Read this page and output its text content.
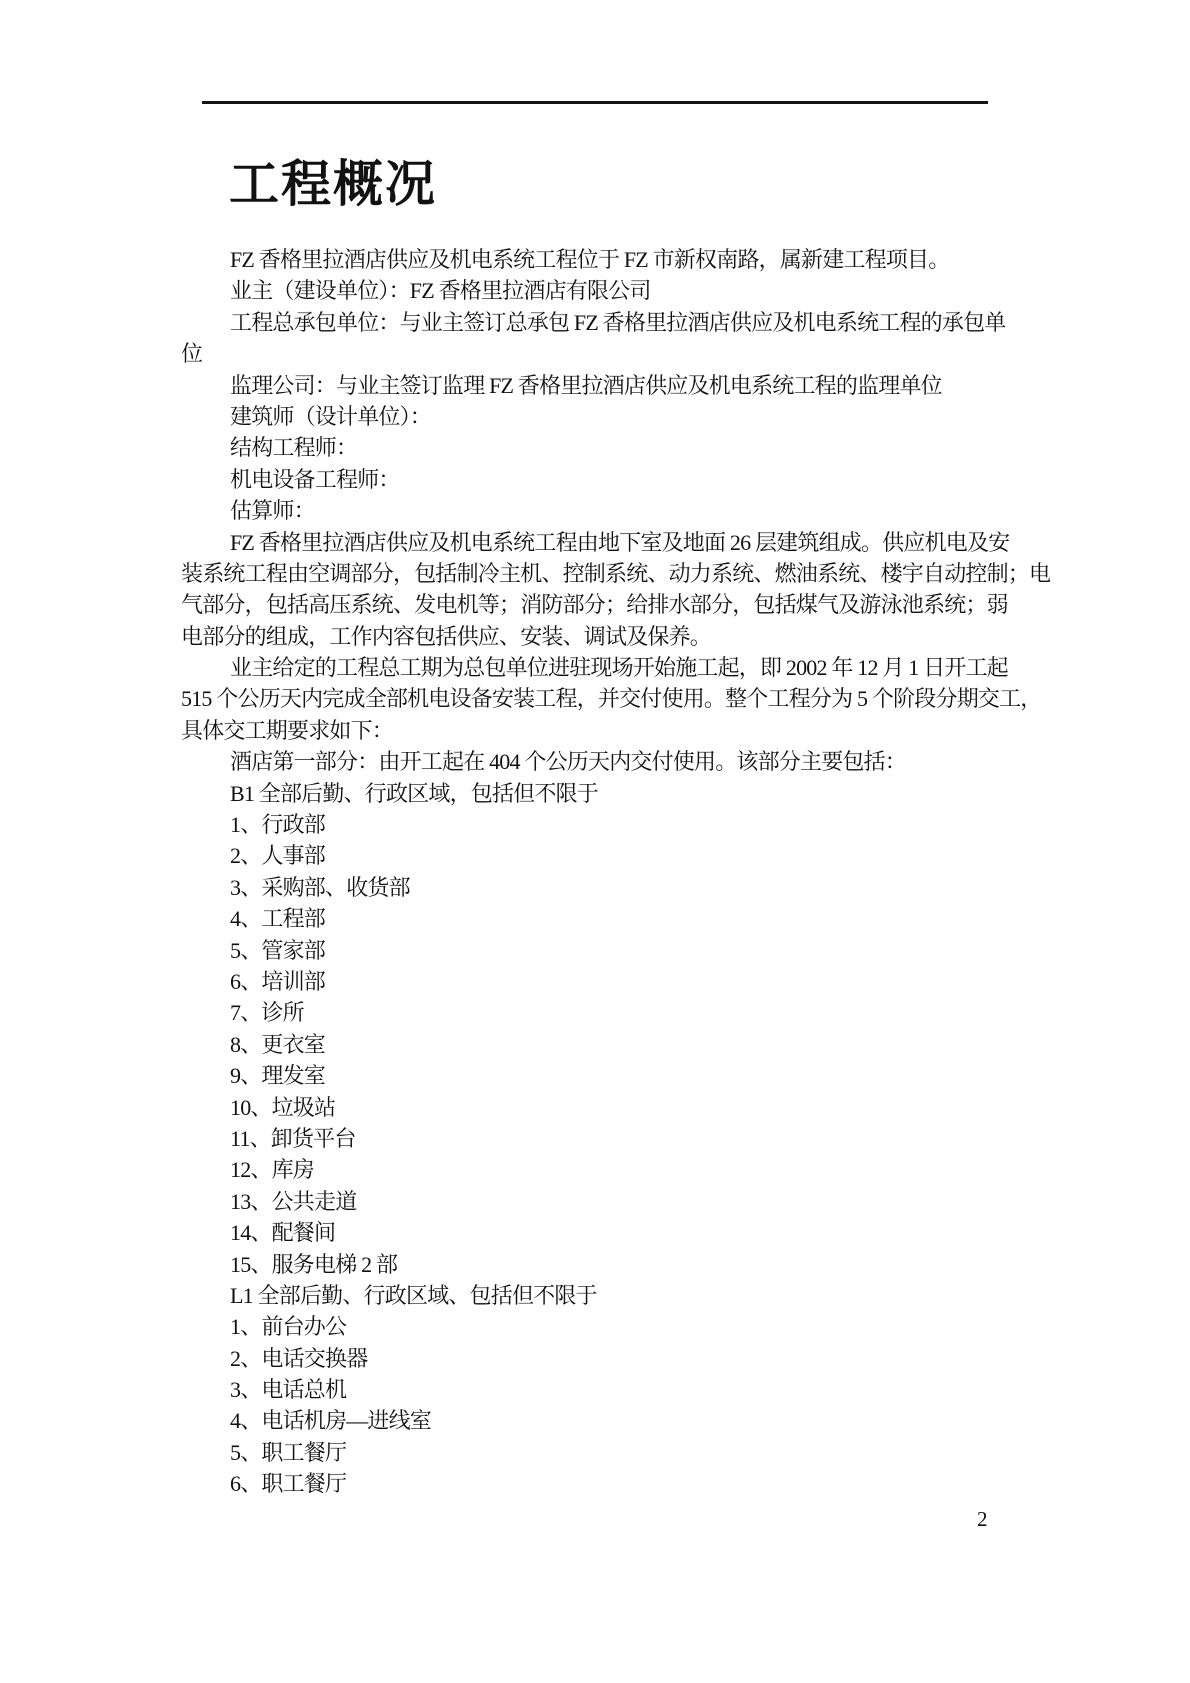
工程概况
FZ 香格里拉酒店供应及机电系统工程位于 FZ 市新权南路，属新建工程项目。
业主（建设单位）：FZ 香格里拉酒店有限公司
工程总承包单位：与业主签订总承包 FZ 香格里拉酒店供应及机电系统工程的承包单
位
监理公司：与业主签订监理 FZ 香格里拉酒店供应及机电系统工程的监理单位
建筑师（设计单位）：
结构工程师：
机电设备工程师：
估算师：
FZ 香格里拉酒店供应及机电系统工程由地下室及地面 26 层建筑组成。供应机电及安
装系统工程由空调部分，包括制冷主机、控制系统、动力系统、燃油系统、楼宇自动控制；电
气部分，包括高压系统、发电机等；消防部分；给排水部分，包括煤气及游泳池系统；弱
电部分的组成，工作内容包括供应、安装、调试及保养。
业主给定的工程总工期为总包单位进驻现场开始施工起，即 2002 年 12 月 1 日开工起
515 个公历天内完成全部机电设备安装工程，并交付使用。整个工程分为 5 个阶段分期交工，
具体交工期要求如下：
酒店第一部分：由开工起在 404 个公历天内交付使用。该部分主要包括：
B1 全部后勤、行政区域，包括但不限于
1、行政部
2、人事部
3、采购部、收货部
4、工程部
5、管家部
6、培训部
7、诊所
8、更衣室
9、理发室
10、垃圾站
11、卸货平台
12、库房
13、公共走道
14、配餐间
15、服务电梯 2 部
L1 全部后勤、行政区域、包括但不限于
1、前台办公
2、电话交换器
3、电话总机
4、电话机房—进线室
5、职工餐厅
6、职工餐厅
2
